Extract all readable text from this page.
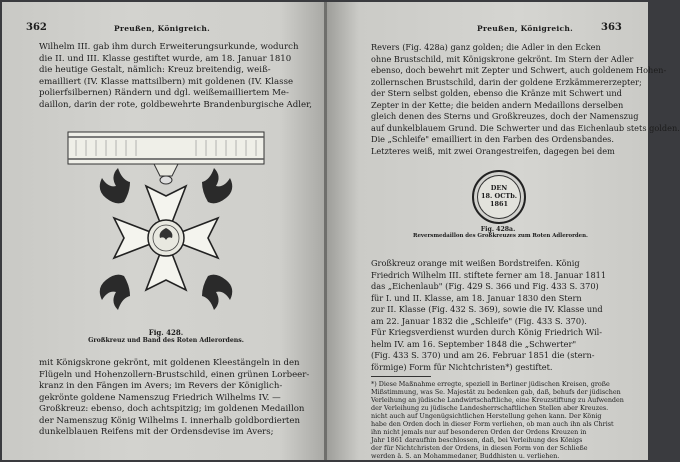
362	Preußen, Königreich.
Wilhelm III. gab ihm durch Erweiterungsurkunde, wodurch
die II. und III. Klasse gestiftet wurde, am 18. Januar 1810
die heutige Gestalt, nämlich: Kreuz breitendig, weiß-
emailliert (IV. Klasse mattsilbern) mit goldenen (IV. Klasse
polierfsilbernen) Rändern und dgl. weißemailliertem Me-
daillon, darin der rote, goldbewehrte Brandenburgische Adler,
Fig. 428.
Großkreuz und Band des Roten Adlerordens.
mit Königskrone gekrönt, mit goldenen Kleestängeln in den
Flügeln und Hohenzollern-Brustschild, einen grünen Lorbeer-
kranz in den Fängen im Avers; im Revers der Königlich-
gekrönte goldene Namenszug Friedrich Wilhelms IV. —
Großkreuz: ebenso, doch achtspitzig; im goldenen Medaillon
der Namenszug König Wilhelms I. innerhalb goldbordierten
dunkelblauen Reifens mit der Ordensdevise im Avers;
Preußen, Königreich.	363
Revers (Fig. 428a) ganz golden; die Adler in den Ecken
ohne Brustschild, mit Königskrone gekrönt. Im Stern der Adler
ebenso, doch bewehrt mit Zepter und Schwert, auch goldenem Hohen-
zollernschen Brustschild, darin der goldene Erzkämmererzepter;
der Stern selbst golden, ebenso die Kränze mit Schwert und
Zepter in der Kette; die beiden andern Medaillons derselben
gleich denen des Sterns und Großkreuzes, doch der Namenszug
auf dunkelblauem Grund. Die Schwerter und das Eichenlaub stets golden.
Die „Schleife" emailliert in den Farben des Ordensbandes.
Letzteres weiß, mit zwei Orangestreifen, dagegen bei dem
DEN
18. OCTb.
1861
Fig. 428a.
Reversmedaillon des Großkreuzes zum Roten Adlerorden.
Großkreuz orange mit weißen Bordstreifen. König
Friedrich Wilhelm III. stiftete ferner am 18. Januar 1811
das „Eichenlaub" (Fig. 429 S. 366 und Fig. 433 S. 370)
für I. und II. Klasse, am 18. Januar 1830 den Stern
zur II. Klasse (Fig. 432 S. 369), sowie die IV. Klasse und
am 22. Januar 1832 die „Schleife" (Fig. 433 S. 370).
Für Kriegsverdienst wurden durch König Friedrich Wil-
helm IV. am 16. September 1848 die „Schwerter"
(Fig. 433 S. 370) und am 26. Februar 1851 die (stern-
förmige) Form für Nichtchristen*) gestiftet.
*) Diese Maßnahme erregte, speziell in Berliner jüdischen Kreisen, große
Mißstimmung, was Se. Majestät zu bedenken gab, daß, behufs der jüdischen
Verleihung an jüdische Landwirtschaftliche, eine Kreuzstiftung zu Aufwenden
der Verleihung zu jüdische Landesherrschaftlichen Stellen aber Kreuzes.
nicht auch auf Ungenügsichtlichen Herstellung gehen kann. Der König
habe den Orden doch in dieser Form verliehen, ob man auch ihn als Christ
ihn nicht jemals nur auf besonderen Orden der Ordens Kreuzen in
Jahr 1861 daraufhin beschlossen, daß, bei Verleihung des Königs
der für Nichtchristen der Ordens, in diesen Form von der Schließe
werden ä. S. an Mohammedaner, Buddhisten u. verliehen.
